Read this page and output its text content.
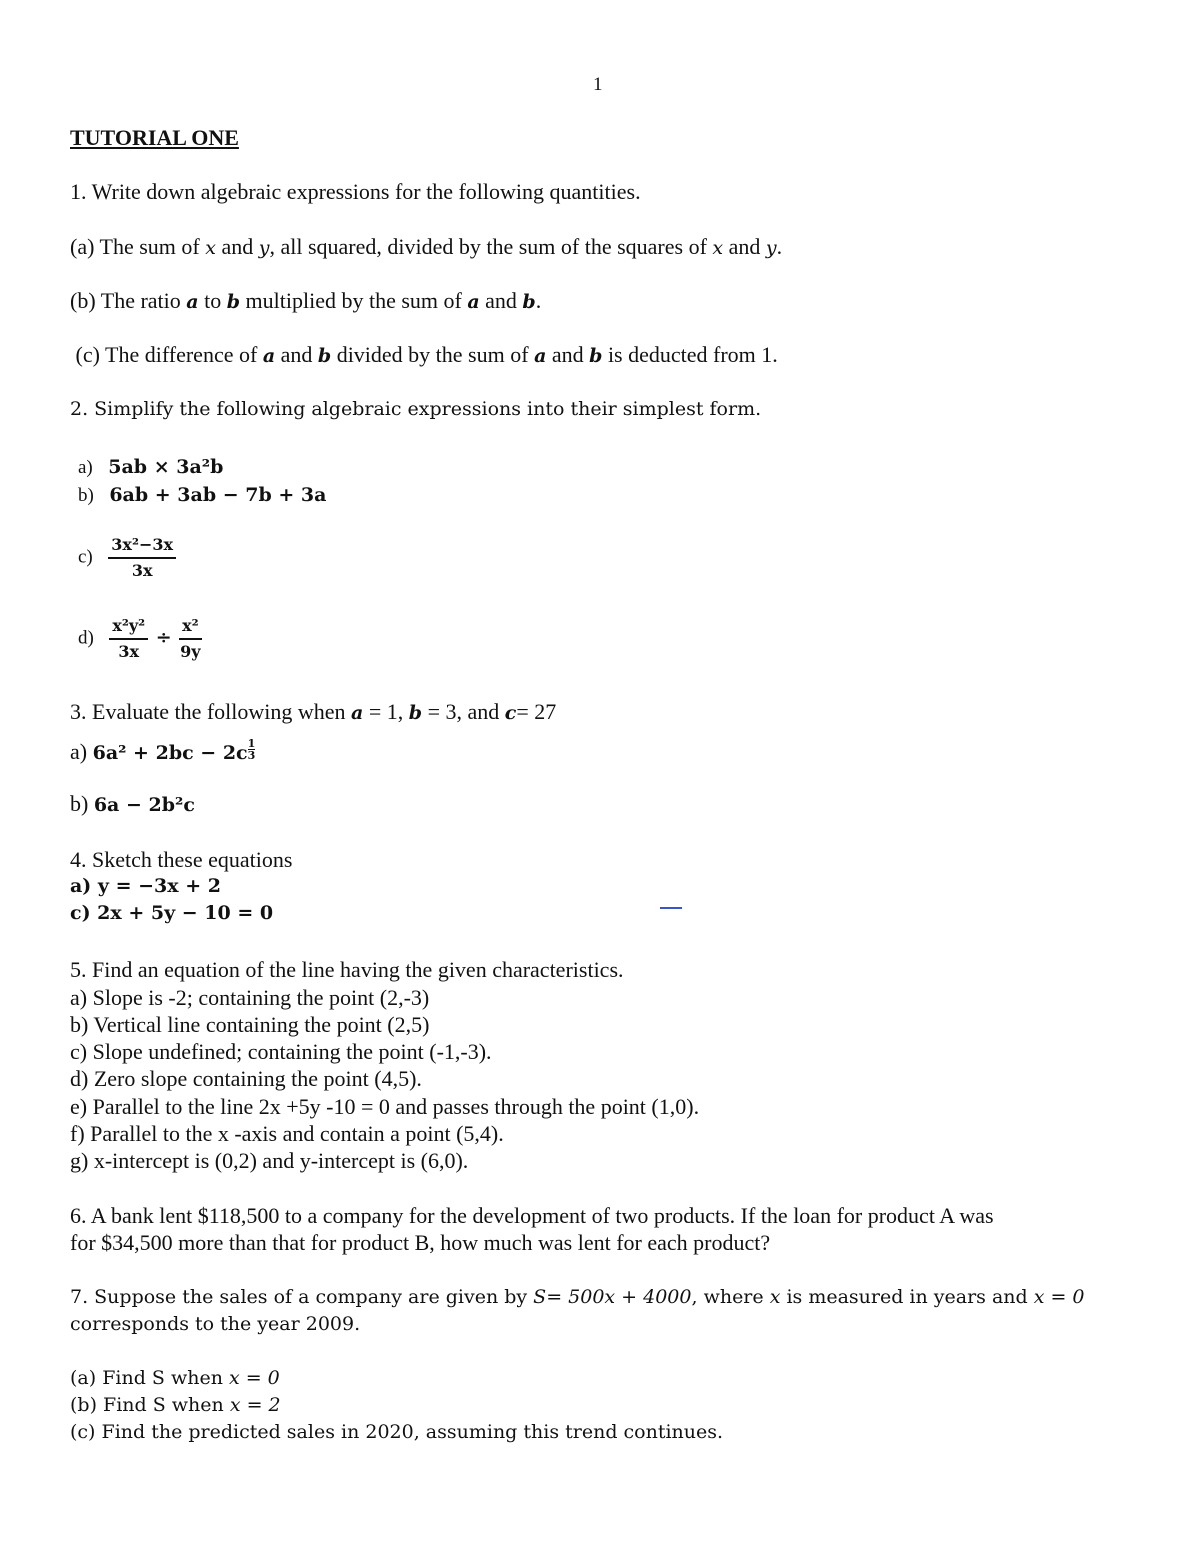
1
TUTORIAL ONE
1. Write down algebraic expressions for the following quantities.
(a) The sum of x and y, all squared, divided by the sum of the squares of x and y.
(b) The ratio a to b multiplied by the sum of a and b.
(c) The difference of a and b divided by the sum of a and b is deducted from 1.
2. Simplify the following algebraic expressions into their simplest form.
a) 5ab × 3a²b
b) 6ab + 3ab − 7b + 3a
$c) \frac{\text{3x²−3x}}{3x}$
$d) \frac{\text{x²y²}}{3x} \div \frac{\text{x²}}{9y}$
3. Evaluate the following when a = 1, b = 3, and c= 27
a) $6a^2 + 2bc - 2c \frac{1}{3}$
b) 6a − 2b²c
4. Sketch these equations
a) y = −3x + 2
c) 2x + 5y − 10 = 0
5. Find an equation of the line having the given characteristics.
a) Slope is -2; containing the point (2,-3)
b) Vertical line containing the point (2,5)
c) Slope undefined; containing the point (-1,-3).
d) Zero slope containing the point (4,5).
e) Parallel to the line 2x +5y -10 = 0 and passes through the point (1,0).
f) Parallel to the x -axis and contain a point (5,4).
g) x-intercept is (0,2) and y-intercept is (6,0).
6. A bank lent $118,500 to a company for the development of two products. If the loan for product A was
for $34,500 more than that for product B, how much was lent for each product?
7. Suppose the sales of a company are given by S= 500x + 4000, where x is measured in years and x = 0
corresponds to the year 2009.
(a) Find S when x = 0
(b) Find S when x = 2
(c) Find the predicted sales in 2020, assuming this trend continues.
